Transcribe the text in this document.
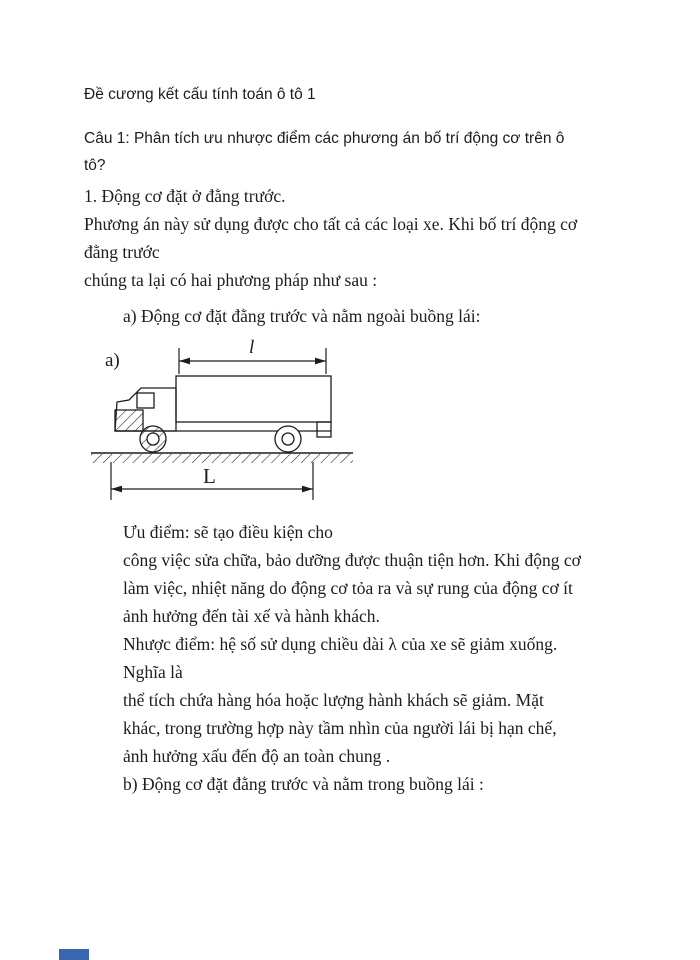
Đề cương kết cấu tính toán ô tô 1
Câu 1: Phân tích ưu nhược điểm các phương án bố trí động cơ trên ô
tô?
1. Động cơ đặt ở đằng trước.
Phương án này sử dụng được cho tất cả các loại xe. Khi bố trí động cơ
đằng trước
chúng ta lại có hai phương pháp như sau :
a) Động cơ đặt đằng trước và nằm ngoài buồng lái:
a)
l
L
Ưu điểm: sẽ tạo điều kiện cho
công việc sửa chữa, bảo dưỡng được thuận tiện hơn. Khi động cơ
làm việc, nhiệt năng do động cơ tỏa ra và sự rung của động cơ ít
ảnh hưởng đến tài xế và hành khách.
Nhược điểm: hệ số sử dụng chiều dài λ của xe sẽ giảm xuống.
Nghĩa là
thể tích chứa hàng hóa hoặc lượng hành khách sẽ giảm. Mặt
khác, trong trường hợp này tầm nhìn của người lái bị hạn chế,
ảnh hưởng xấu đến độ an toàn chung .
b) Động cơ đặt đằng trước và nằm trong buồng lái :
